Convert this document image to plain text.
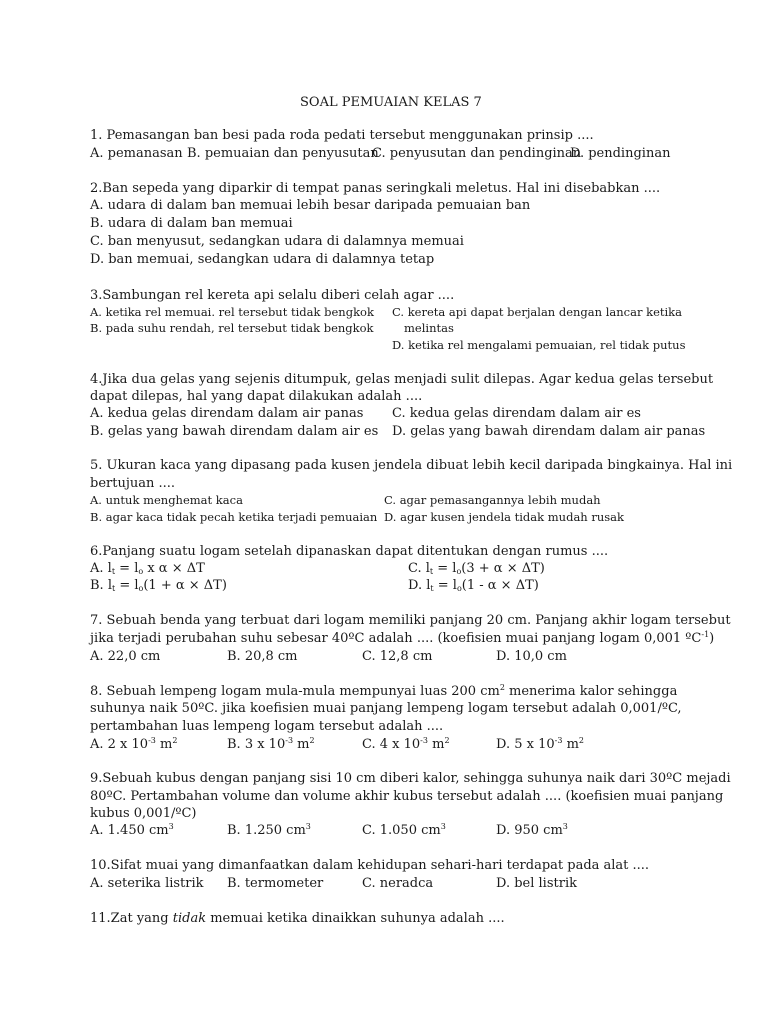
SOAL PEMUAIAN KELAS 7
1. Pemasangan ban besi pada roda pedati tersebut menggunakan prinsip ....
A. pemanasan B. pemuaian dan penyusutan
C. penyusutan dan pendinginan
D. pendinginan
2.Ban sepeda yang diparkir di tempat panas seringkali meletus. Hal ini disebabkan ....
A. udara di dalam ban memuai lebih besar daripada pemuaian ban
B. udara di dalam ban memuai
C. ban menyusut, sedangkan udara di dalamnya memuai
D. ban memuai, sedangkan udara di dalamnya tetap
3.Sambungan rel kereta api selalu diberi celah agar ....
A. ketika rel memuai. rel tersebut tidak bengkok
B. pada suhu rendah, rel tersebut tidak bengkok
C. kereta api dapat berjalan dengan lancar ketika
melintas
D. ketika rel mengalami pemuaian, rel tidak putus
4.Jika dua gelas yang sejenis ditumpuk, gelas menjadi sulit dilepas. Agar kedua gelas tersebut
dapat dilepas, hal yang dapat dilakukan adalah ....
A. kedua gelas direndam dalam air panas
B. gelas yang bawah direndam dalam air es
C. kedua gelas direndam dalam air es
D. gelas yang bawah direndam dalam air panas
5. Ukuran kaca yang dipasang pada kusen jendela dibuat lebih kecil daripada bingkainya. Hal ini
bertujuan ....
A. untuk menghemat kaca
B. agar kaca tidak pecah ketika terjadi pemuaian
C. agar pemasangannya lebih mudah
D. agar kusen jendela tidak mudah rusak
6.Panjang suatu logam setelah dipanaskan dapat ditentukan dengan rumus ....
A. $l_t = l_o$ x α × ΔT
B. $l_t = l_o(1 + \alpha \times \Delta T)$
C. $l_t = l_o(3 + \alpha \times \Delta T)$
D. $l_t = l_o(1 - \alpha \times \Delta T)$
7. Sebuah benda yang terbuat dari logam memiliki panjang 20 cm. Panjang akhir logam tersebut
jika terjadi perubahan suhu sebesar 40ºC adalah .... (koefisien muai panjang logam 0,001 ºC$^{-1}$)
A. 22,0 cm	B. 20,8 cm	C. 12,8 cm	D. 10,0 cm
8. Sebuah lempeng logam mula-mula mempunyai luas 200 $cm^2$ menerima kalor sehingga
suhunya naik 50ºC. jika koefisien muai panjang lempeng logam tersebut adalah 0,001/ºC,
pertambahan luas lempeng logam tersebut adalah ....
A. 2 x $10^{-3}$ $m^2$	B. 3 x $10^{-3}$ $m^2$	C. 4 x $10^{-3}$ $m^2$	D. 5 x $10^{-3}$ $m^2$
9.Sebuah kubus dengan panjang sisi 10 cm diberi kalor, sehingga suhunya naik dari 30ºC mejadi
80ºC. Pertambahan volume dan volume akhir kubus tersebut adalah .... (koefisien muai panjang
kubus 0,001/ºC)
A. 1.450 $cm^3$	B. 1.250 $cm^3$	C. 1.050 $cm^3$	D. 950 $cm^3$
10.Sifat muai yang dimanfaatkan dalam kehidupan sehari-hari terdapat pada alat ....
A. seterika listrik B. termometer	C. neradca	D. bel listrik
11.Zat yang tidak memuai ketika dinaikkan suhunya adalah ....
